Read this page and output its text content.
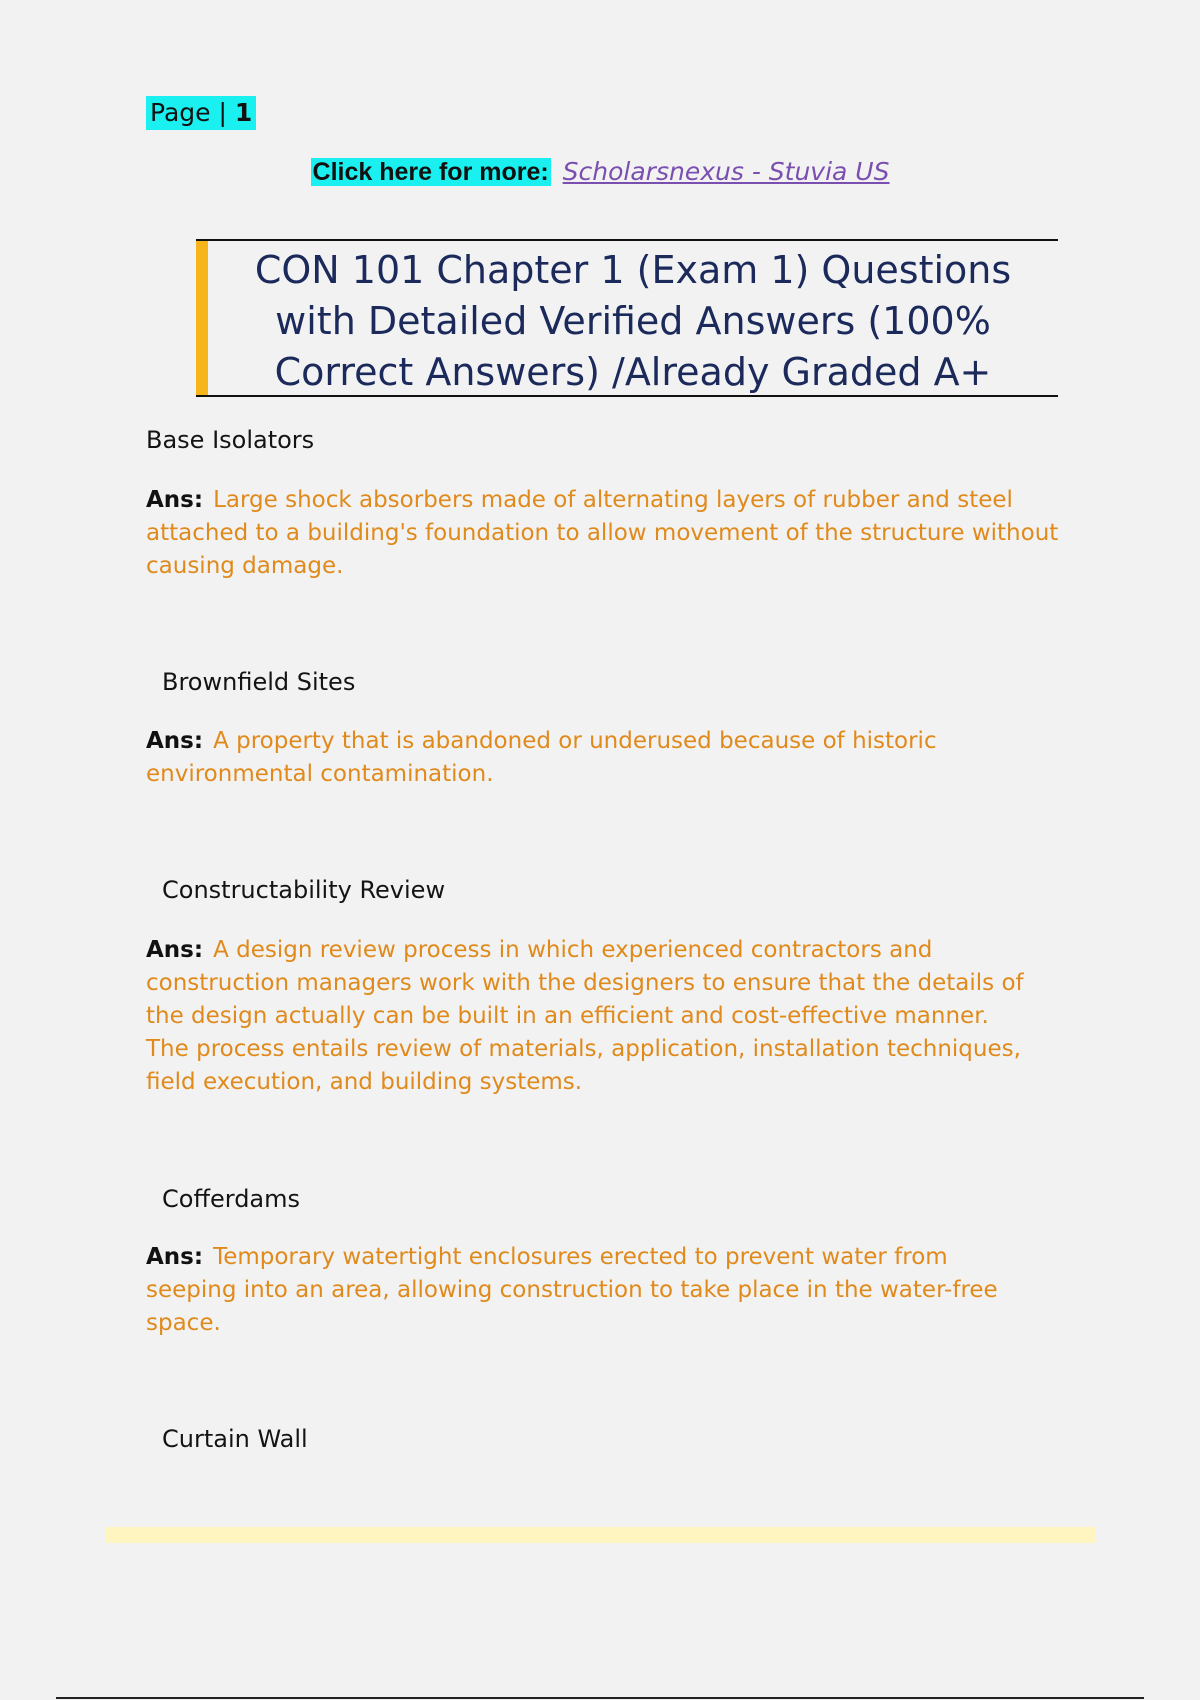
Page | 1
Click here for more: Scholarsnexus - Stuvia US
CON 101 Chapter 1 (Exam 1) Questions
with Detailed Verified Answers (100%
Correct Answers) /Already Graded A+
Base Isolators
Ans: Large shock absorbers made of alternating layers of rubber and steel attached to a building's foundation to allow movement of the structure without causing damage.
Brownfield Sites
Ans: A property that is abandoned or underused because of historic environmental contamination.
Constructability Review
Ans: A design review process in which experienced contractors and construction managers work with the designers to ensure that the details of the design actually can be built in an efficient and cost-effective manner. The process entails review of materials, application, installation techniques, field execution, and building systems.
Cofferdams
Ans: Temporary watertight enclosures erected to prevent water from seeping into an area, allowing construction to take place in the water-free space.
Curtain Wall
